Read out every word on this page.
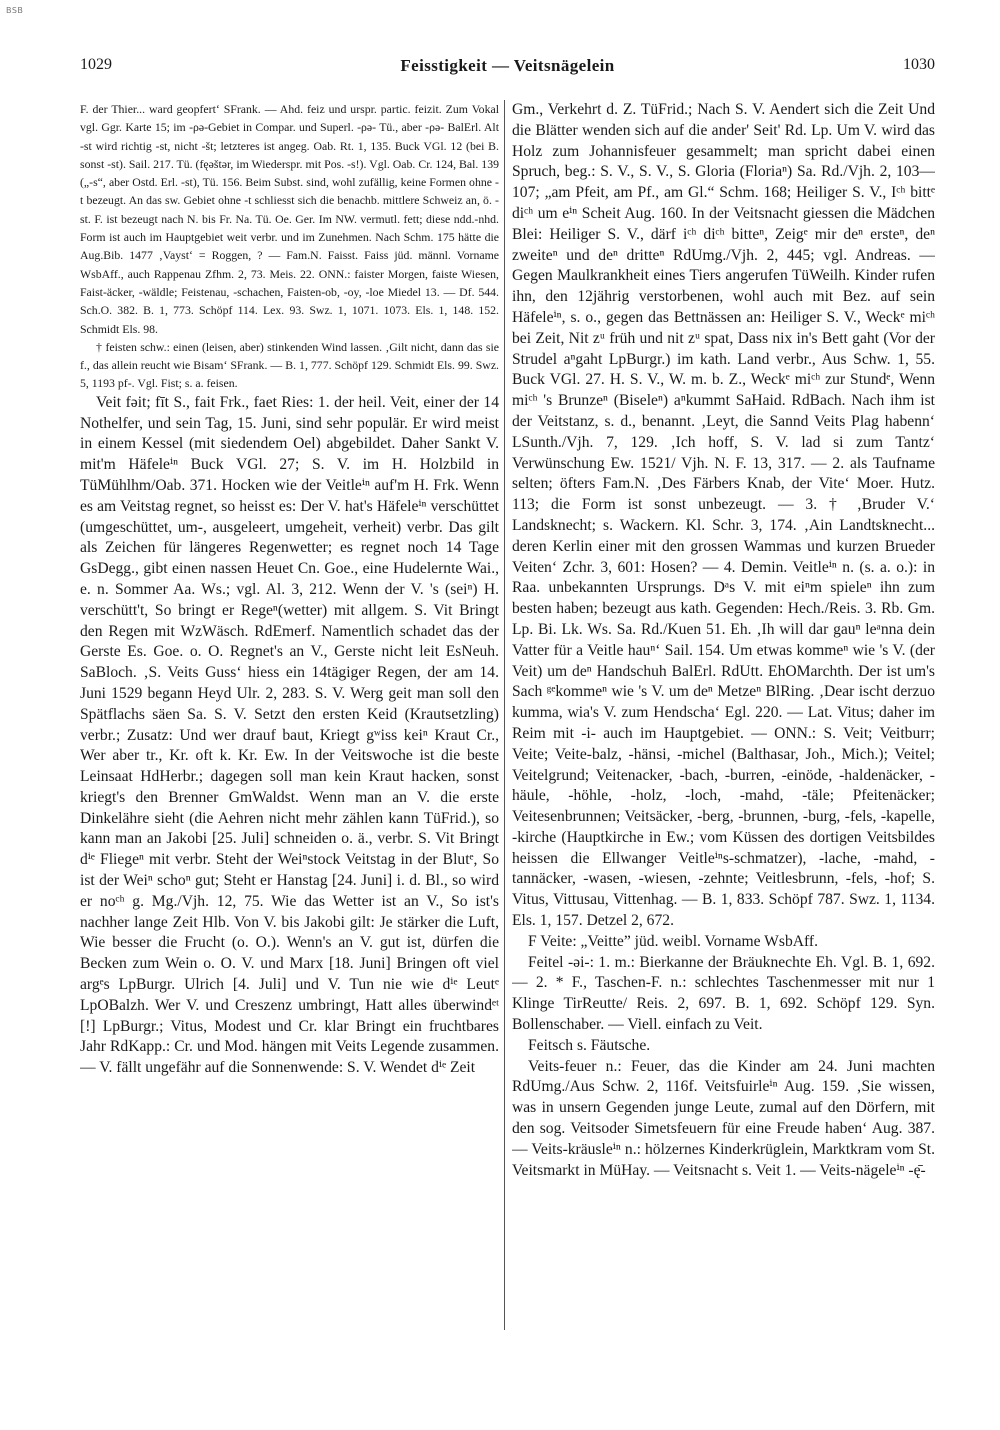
BSB
1029	Feisstigkeit — Veitsnägelein	1030

F. der Thier... ward geopfert‘ SFrank. — Ahd. feiz und urspr. partic. feizit. Zum Vokal vgl. Ggr. Karte 15; im -ρə-Gebiet in Compar. und Superl. -ρə- Tü., aber -ρə- BalErl. Alt -st wird richtig -st, nicht -št; letzteres ist angeg. Oab. Rt. 1, 135. Buck VGl. 12 (bei B. sonst -st). Sail. 217. Tü. (fęəštər, im Wiederspr. mit Pos. -s!). Vgl. Oab. Cr. 124, Bal. 139 („-s“, aber Ostd. Erl. -st), Tü. 156. Beim Subst. sind, wohl zufällig, keine Formen ohne -t bezeugt. An das sw. Gebiet ohne -t schliesst sich die benachb. mittlere Schweiz an, ö. -st. F. ist bezeugt nach N. bis Fr. Na. Tü. Oe. Ger. Im NW. vermutl. fett; diese ndd.-nhd. Form ist auch im Hauptgebiet weit verbr. und im Zunehmen. Nach Schm. 175 hätte die Aug.Bib. 1477 ‚Vayst‘ = Roggen, ? — Fam.N. Faisst. Faiss jüd. männl. Vorname WsbAff., auch Rappenau Zfhm. 2, 73. Meis. 22. ONN.: faister Morgen, faiste Wiesen, Faist-äcker, -wäldle; Feistenau, -schachen, Faisten-ob, -oy, -loe Miedel 13. — Df. 544. Sch.O. 382. B. 1, 773. Schöpf 114. Lex. 93. Swz. 1, 1071. 1073. Els. 1, 148. 152. Schmidt Els. 98.

† feisten schw.: einen (leisen, aber) stinkenden Wind lassen. ‚Gilt nicht, dann das sie f., das allein reucht wie Bisam‘ SFrank. — B. 1, 777. Schöpf 129. Schmidt Els. 99. Swz. 5, 1193 pf-. Vgl. Fist; s. a. feisen.

Veit fəit; fīt S., fait Frk., faet Ries: 1. der heil. Veit, einer der 14 Nothelfer, und sein Tag, 15. Juni, sind sehr populär. Er wird meist in einem Kessel (mit siedendem Oel) abgebildet. Daher Sankt V. mit'm Häfeleⁱⁿ Buck VGl. 27; S. V. im H. Holzbild in TüMühlhm/Oab. 371. Hocken wie der Veitleⁱⁿ auf'm H. Frk. Wenn es am Veitstag regnet, so heisst es: Der V. hat's Häfeleⁱⁿ verschüttet (umgeschüttet, um-, ausgeleert, umgeheit, verheit) verbr. Das gilt als Zeichen für längeres Regenwetter; es regnet noch 14 Tage GsDegg., gibt einen nassen Heuet Cn. Goe., eine Hudelernte Wai., e. n. Sommer Aa. Ws.; vgl. Al. 3, 212. Wenn der V. 's (seiⁿ) H. verschütt't, So bringt er Regeⁿ(wetter) mit allgem. S. Vit Bringt den Regen mit WzWäsch. RdEmerf. Namentlich schadet das der Gerste Es. Goe. o. O. Regnet's an V., Gerste nicht leit EsNeuh. SaBloch. ‚S. Veits Guss‘ hiess ein 14tägiger Regen, der am 14. Juni 1529 begann Heyd Ulr. 2, 283. S. V. Werg geit man soll den Spätflachs säen Sa. S. V. Setzt den ersten Keid (Krautsetzling) verbr.; Zusatz: Und wer drauf baut, Kriegt gʷiss keiⁿ Kraut Cr., Wer aber tr., Kr. oft k. Kr. Ew. In der Veitswoche ist die beste Leinsaat HdHerbr.; dagegen soll man kein Kraut hacken, sonst kriegt's den Brenner GmWaldst. Wenn man an V. die erste Dinkelähre sieht (die Aehren nicht mehr zählen kann TüFrid.), so kann man an Jakobi [25. Juli] schneiden o. ä., verbr. S. Vit Bringt dⁱᵉ Fliegeⁿ mit verbr. Steht der Weiⁿstock Veitstag in der Blutᵉ, So ist der Weiⁿ schoⁿ gut; Steht er Hanstag [24. Juni] i. d. Bl., so wird er noᶜʰ g. Mg./Vjh. 12, 75. Wie das Wetter ist an V., So ist's nachher lange Zeit Hlb. Von V. bis Jakobi gilt: Je stärker die Luft, Wie besser die Frucht (o. O.). Wenn's an V. gut ist, dürfen die Becken zum Wein o. O. V. und Marx [18. Juni] Bringen oft viel argᵉs LpBurgr. Ulrich [4. Juli] und V. Tun nie wie dⁱᵉ Leutᵉ LpOBalzh. Wer V. und Creszenz umbringt, Hatt alles überwindᵉᵗ [!] LpBurgr.; Vitus, Modest und Cr. klar Bringt ein fruchtbares Jahr RdKapp.: Cr. und Mod. hängen mit Veits Legende zusammen. — V. fällt ungefähr auf die Sonnenwende: S. V. Wendet dⁱᵉ Zeit

Gm., Verkehrt d. Z. TüFrid.; Nach S. V. Aendert sich die Zeit Und die Blätter wenden sich auf die ander' Seit' Rd. Lp. Um V. wird das Holz zum Johannisfeuer gesammelt; man spricht dabei einen Spruch, beg.: S. V., S. V., S. Gloria (Floriaⁿ) Sa. Rd./Vjh. 2, 103—107; „am Pfeit, am Pf., am Gl.“ Schm. 168; Heiliger S. V., Iᶜʰ bittᵉ diᶜʰ um eⁱⁿ Scheit Aug. 160. In der Veitsnacht giessen die Mädchen Blei: Heiliger S. V., därf iᶜʰ diᶜʰ bitteⁿ, Zeigᵉ mir deⁿ ersteⁿ, deⁿ zweiteⁿ und deⁿ dritteⁿ RdUmg./Vjh. 2, 445; vgl. Andreas. — Gegen Maulkrankheit eines Tiers angerufen TüWeilh. Kinder rufen ihn, den 12jährig verstorbenen, wohl auch mit Bez. auf sein Häfeleⁱⁿ, s. o., gegen das Bettnässen an: Heiliger S. V., Weckᵉ miᶜʰ bei Zeit, Nit zᵘ früh und nit zᵘ spat, Dass nix in's Bett gaht (Vor der Strudel aⁿgaht LpBurgr.) im kath. Land verbr., Aus Schw. 1, 55. Buck VGl. 27. H. S. V., W. m. b. Z., Weckᵉ miᶜʰ zur Stundᵉ, Wenn miᶜʰ 's Brunzeⁿ (Biseleⁿ) aⁿkummt SaHaid. RdBach. Nach ihm ist der Veitstanz, s. d., benannt. ‚Leyt, die Sannd Veits Plag habenn‘ LSunth./Vjh. 7, 129. ‚Ich hoff, S. V. lad si zum Tantz‘ Verwünschung Ew. 1521/ Vjh. N. F. 13, 317. — 2. als Taufname selten; öfters Fam.N. ‚Des Färbers Knab, der Vite‘ Moer. Hutz. 113; die Form ist sonst unbezeugt. — 3. † ‚Bruder V.‘ Landsknecht; s. Wackern. Kl. Schr. 3, 174. ‚Ain Landtsknecht... deren Kerlin einer mit den grossen Wammas und kurzen Brueder Veiten‘ Zchr. 3, 601: Hosen? — 4. Demin. Veitleⁱⁿ n. (s. a. o.): in Raa. unbekannten Ursprungs. Dᵃs V. mit eiⁿm spieleⁿ ihn zum besten haben; bezeugt aus kath. Gegenden: Hech./Reis. 3. Rb. Gm. Lp. Bi. Lk. Ws. Sa. Rd./Kuen 51. Eh. ‚Ih will dar gauⁿ leᵃnna dein Vatter für a Veitle hauⁿ‘ Sail. 154. Um etwas kommeⁿ wie 's V. (der Veit) um deⁿ Handschuh BalErl. RdUtt. EhOMarchth. Der ist um's Sach ᵍᵉkommeⁿ wie 's V. um deⁿ Metzeⁿ BlRing. ‚Dear ischt derzuo kumma, wia's V. zum Hendscha‘ Egl. 220. — Lat. Vitus; daher im Reim mit -i- auch im Hauptgebiet. — ONN.: S. Veit; Veitburr; Veite; Veite-balz, -hänsi, -michel (Balthasar, Joh., Mich.); Veitel; Veitelgrund; Veitenacker, -bach, -burren, -einöde, -haldenäcker, -häule, -höhle, -holz, -loch, -mahd, -täle; Pfeitenäcker; Veitesenbrunnen; Veitsäcker, -berg, -brunnen, -burg, -fels, -kapelle, -kirche (Hauptkirche in Ew.; vom Küssen des dortigen Veitsbildes heissen die Ellwanger Veitleⁱⁿs-schmatzer), -lache, -mahd, -tannäcker, -wasen, -wiesen, -zehnte; Veitlesbrunn, -fels, -hof; S. Vitus, Vittusau, Vittenhag. — B. 1, 833. Schöpf 787. Swz. 1, 1134. Els. 1, 157. Detzel 2, 672.

F Veite: „Veitteˮ jüd. weibl. Vorname WsbAff.

Feitel -əi-: 1. m.: Bierkanne der Bräuknechte Eh. Vgl. B. 1, 692. — 2. * F., Taschen-F. n.: schlechtes Taschenmesser mit nur 1 Klinge TirReutte/ Reis. 2, 697. B. 1, 692. Schöpf 129. Syn. Bollenschaber. — Viell. einfach zu Veit.

Feitsch s. Fäutsche.

Veits-feuer n.: Feuer, das die Kinder am 24. Juni machten RdUmg./Aus Schw. 2, 116f. Veitsfuirleⁱⁿ Aug. 159. ‚Sie wissen, was in unsern Gegenden junge Leute, zumal auf den Dörfern, mit den sog. Veitsoder Simetsfeuern für eine Freude haben‘ Aug. 387. — Veits-kräusleⁱⁿ n.: hölzernes Kinderkrüglein, Marktkram vom St. Veitsmarkt in MüHay. — Veitsnacht s. Veit 1. — Veits-nägeleⁱⁿ -ę̄-
